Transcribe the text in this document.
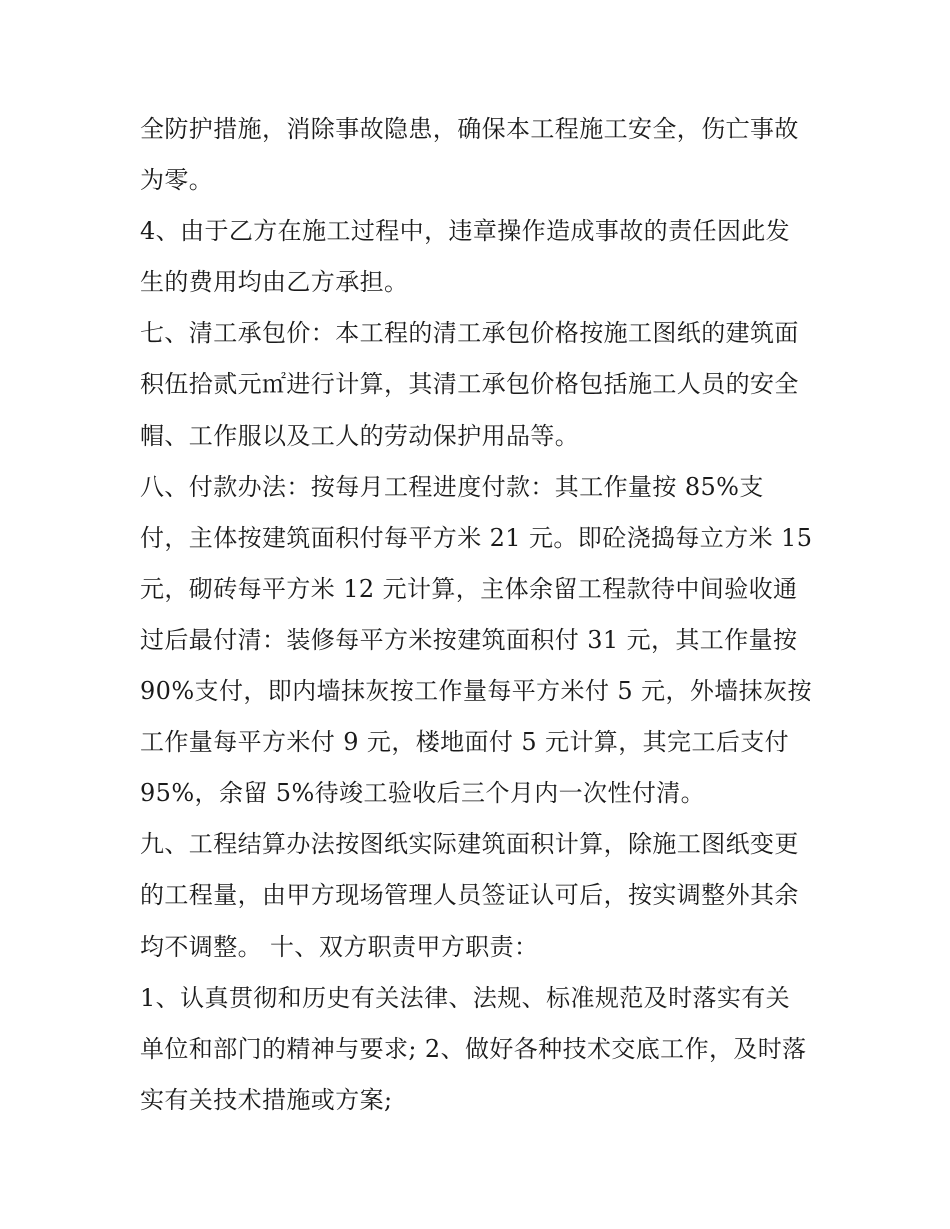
全防护措施，消除事故隐患，确保本工程施工安全，伤亡事故
为零。
4、由于乙方在施工过程中，违章操作造成事故的责任因此发
生的费用均由乙方承担。
七、清工承包价：本工程的清工承包价格按施工图纸的建筑面
积伍拾贰元㎡进行计算，其清工承包价格包括施工人员的安全
帽、工作服以及工人的劳动保护用品等。
八、付款办法：按每月工程进度付款：其工作量按 85%支
付，主体按建筑面积付每平方米 21 元。即砼浇捣每立方米 15
元，砌砖每平方米 12 元计算，主体余留工程款待中间验收通
过后最付清：装修每平方米按建筑面积付 31 元，其工作量按
90%支付，即内墙抹灰按工作量每平方米付 5 元，外墙抹灰按
工作量每平方米付 9 元，楼地面付 5 元计算，其完工后支付
95%，余留 5%待竣工验收后三个月内一次性付清。
九、工程结算办法按图纸实际建筑面积计算，除施工图纸变更
的工程量，由甲方现场管理人员签证认可后，按实调整外其余
均不调整。 十、双方职责甲方职责：
1、认真贯彻和历史有关法律、法规、标准规范及时落实有关
单位和部门的精神与要求; 2、做好各种技术交底工作，及时落
实有关技术措施或方案;
